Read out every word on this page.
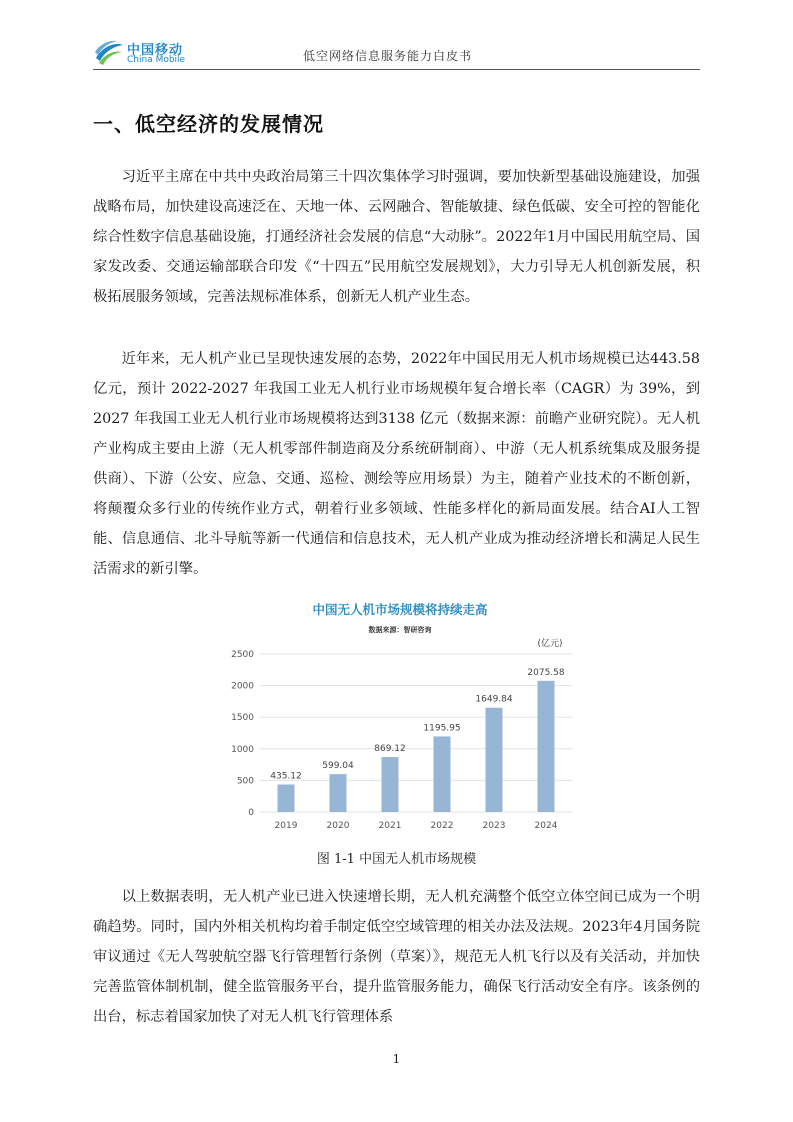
中国移动
China Mobile	低空网络信息服务能力白皮书
一、低空经济的发展情况

习近平主席在中共中央政治局第三十四次集体学习时强调，要加快新型基础设施建设，加强战略布局，加快建设高速泛在、天地一体、云网融合、智能敏捷、绿色低碳、安全可控的智能化综合性数字信息基础设施，打通经济社会发展的信息“大动脉”。2022年1月中国民用航空局、国家发改委、交通运输部联合印发《“十四五”民用航空发展规划》，大力引导无人机创新发展，积极拓展服务领域，完善法规标准体系，创新无人机产业生态。

近年来，无人机产业已呈现快速发展的态势，2022年中国民用无人机市场规模已达443.58亿元，预计 2022-2027 年我国工业无人机行业市场规模年复合增长率（CAGR）为 39%，到 2027 年我国工业无人机行业市场规模将达到3138 亿元（数据来源：前瞻产业研究院）。无人机产业构成主要由上游（无人机零部件制造商及分系统研制商）、中游（无人机系统集成及服务提供商）、下游（公安、应急、交通、巡检、测绘等应用场景）为主，随着产业技术的不断创新，将颠覆众多行业的传统作业方式，朝着行业多领域、性能多样化的新局面发展。结合AI人工智能、信息通信、北斗导航等新一代通信和信息技术，无人机产业成为推动经济增长和满足人民生活需求的新引擎。

中国无人机市场规模将持续走高
数据来源：智研咨询
(亿元)
0
500
1000
1500
2000
2500
435.12
2019
599.04
2020
869.12
2021
1195.95
2022
1649.84
2023
2075.58
2024
图 1-1 中国无人机市场规模

以上数据表明，无人机产业已进入快速增长期，无人机充满整个低空立体空间已成为一个明确趋势。同时，国内外相关机构均着手制定低空空域管理的相关办法及法规。2023年4月国务院审议通过《无人驾驶航空器飞行管理暂行条例（草案）》，规范无人机飞行以及有关活动，并加快完善监管体制机制，健全监管服务平台，提升监管服务能力，确保飞行活动安全有序。该条例的出台，标志着国家加快了对无人机飞行管理体系

1
